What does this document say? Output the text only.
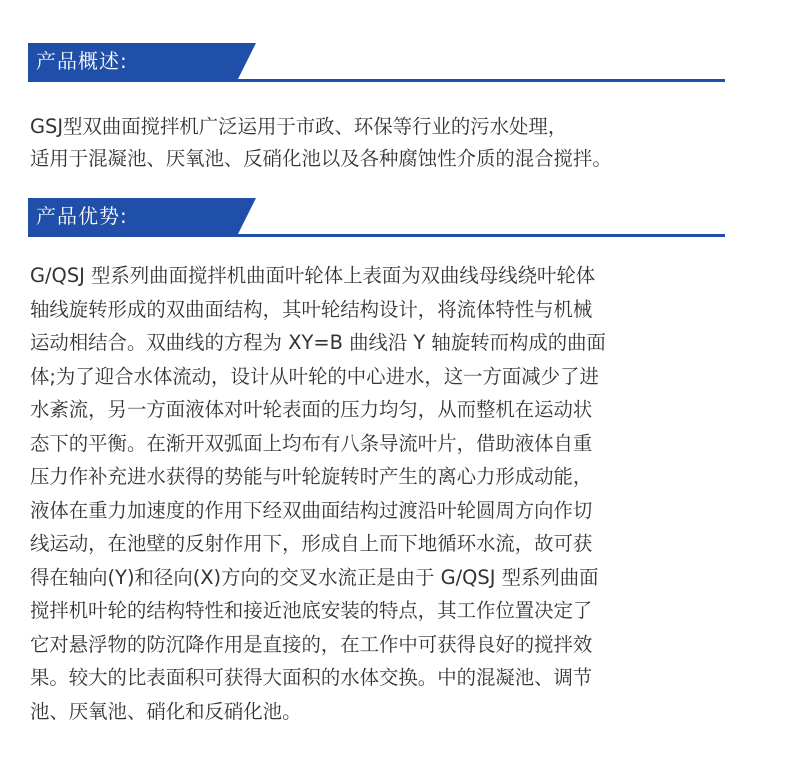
产品概述:
GSJ型双曲面搅拌机广泛运用于市政、环保等行业的污水处理，
适用于混凝池、厌氧池、反硝化池以及各种腐蚀性介质的混合搅拌。
产品优势:
G/QSJ 型系列曲面搅拌机曲面叶轮体上表面为双曲线母线绕叶轮体
轴线旋转形成的双曲面结构，其叶轮结构设计，将流体特性与机械
运动相结合。双曲线的方程为 XY=B 曲线沿 Y 轴旋转而构成的曲面
体;为了迎合水体流动，设计从叶轮的中心进水，这一方面减少了进
水紊流，另一方面液体对叶轮表面的压力均匀，从而整机在运动状
态下的平衡。在渐开双弧面上均布有八条导流叶片，借助液体自重
压力作补充进水获得的势能与叶轮旋转时产生的离心力形成动能，
液体在重力加速度的作用下经双曲面结构过渡沿叶轮圆周方向作切
线运动，在池壁的反射作用下，形成自上而下地循环水流，故可获
得在轴向(Y)和径向(X)方向的交叉水流正是由于 G/QSJ 型系列曲面
搅拌机叶轮的结构特性和接近池底安装的特点，其工作位置决定了
它对悬浮物的防沉降作用是直接的，在工作中可获得良好的搅拌效
果。较大的比表面积可获得大面积的水体交换。中的混凝池、调节
池、厌氧池、硝化和反硝化池。
